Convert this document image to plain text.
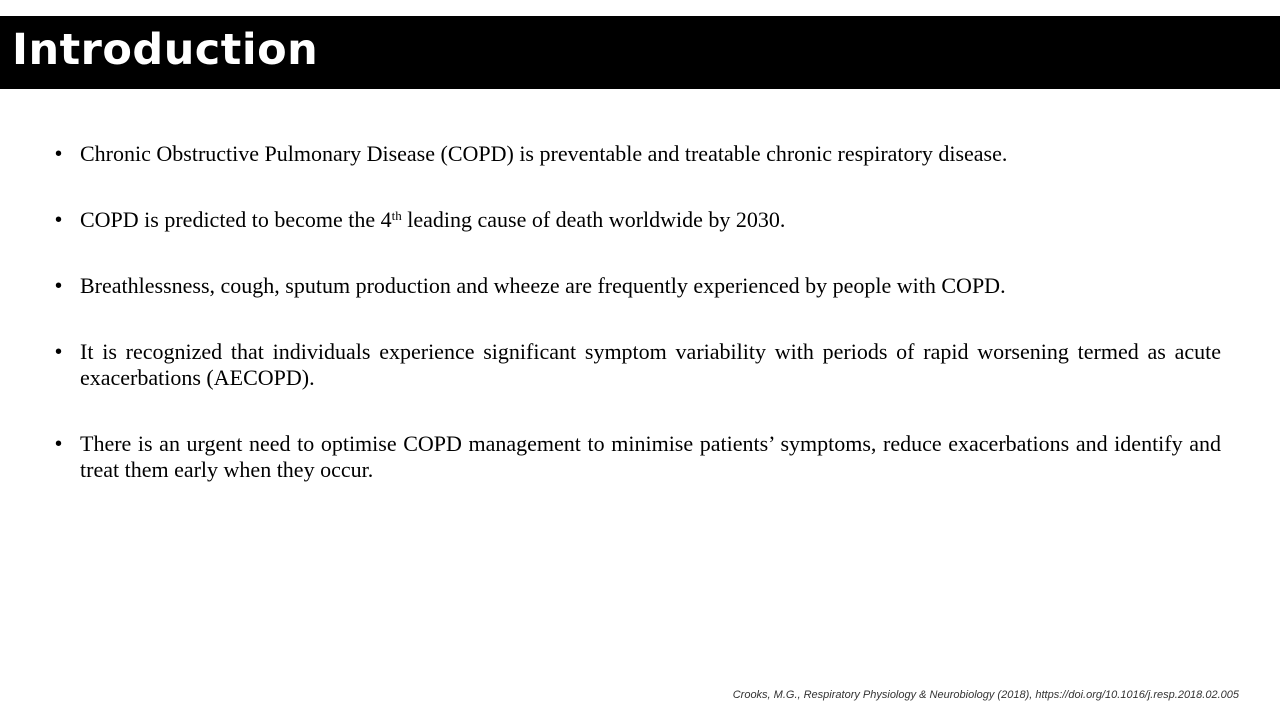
Introduction
• Chronic Obstructive Pulmonary Disease (COPD) is preventable and treatable chronic respiratory disease.
• COPD is predicted to become the 4th leading cause of death worldwide by 2030.
• Breathlessness, cough, sputum production and wheeze are frequently experienced by people with COPD.
• It is recognized that individuals experience significant symptom variability with periods of rapid worsening termed as acute exacerbations (AECOPD).
• There is an urgent need to optimise COPD management to minimise patients’ symptoms, reduce exacerbations and identify and treat them early when they occur.

Crooks, M.G., Respiratory Physiology & Neurobiology (2018), https://doi.org/10.1016/j.resp.2018.02.005
